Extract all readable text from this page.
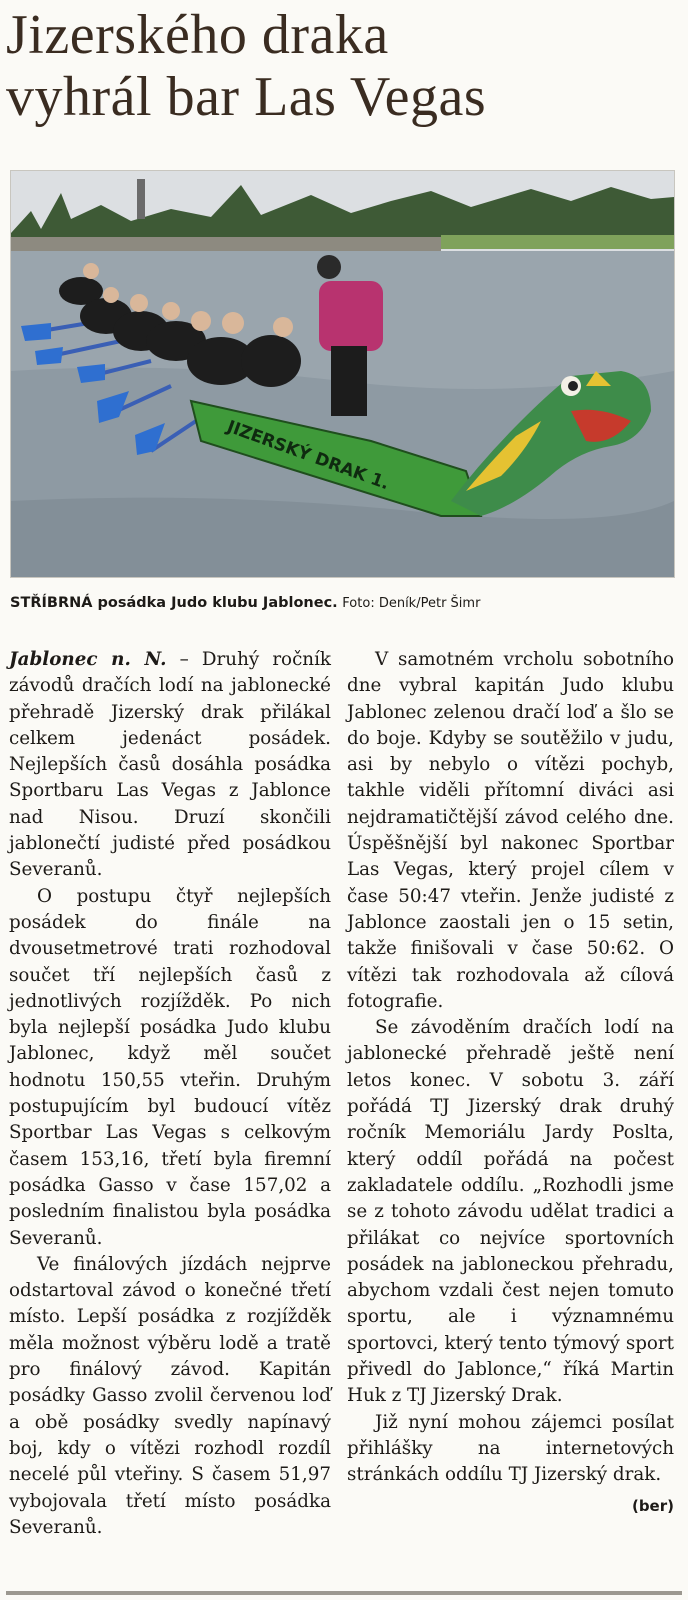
Jizerského draka
vyhrál bar Las Vegas
JIZERSKÝ DRAK 1.
STŘÍBRNÁ posádka Judo klubu Jablonec. Foto: Deník/Petr Šimr

Jablonec n. N. – Druhý ročník závodů dračích lodí na jablonecké přehradě Jizerský drak přilákal celkem jedenáct posádek. Nejlepších časů dosáhla posádka Sportbaru Las Vegas z Jablonce nad Nisou. Druzí skončili jablonečtí judisté před posádkou Severanů.

O postupu čtyř nejlepších posádek do finále na dvousetmetrové trati rozhodoval součet tří nejlepších časů z jednotlivých rozjížděk. Po nich byla nejlepší posádka Judo klubu Jablonec, když měl součet hodnotu 150,55 vteřin. Druhým postupujícím byl budoucí vítěz Sportbar Las Vegas s celkovým časem 153,16, třetí byla firemní posádka Gasso v čase 157,02 a posledním finalistou byla posádka Severanů.

Ve finálových jízdách nejprve odstartoval závod o konečné třetí místo. Lepší posádka z rozjížděk měla možnost výběru lodě a tratě pro finálový závod. Kapitán posádky Gasso zvolil červenou loď a obě posádky svedly napínavý boj, kdy o vítězi rozhodl rozdíl necelé půl vteřiny. S časem 51,97 vybojovala třetí místo posádka Severanů.

V samotném vrcholu sobotního dne vybral kapitán Judo klubu Jablonec zelenou dračí loď a šlo se do boje. Kdyby se soutěžilo v judu, asi by nebylo o vítězi pochyb, takhle viděli přítomní diváci asi nejdramatičtější závod celého dne. Úspěšnější byl nakonec Sportbar Las Vegas, který projel cílem v čase 50:47 vteřin. Jenže judisté z Jablonce zaostali jen o 15 setin, takže finišovali v čase 50:62. O vítězi tak rozhodovala až cílová fotografie.

Se závoděním dračích lodí na jablonecké přehradě ještě není letos konec. V sobotu 3. září pořádá TJ Jizerský drak druhý ročník Memoriálu Jardy Poslta, který oddíl pořádá na počest zakladatele oddílu. „Rozhodli jsme se z tohoto závodu udělat tradici a přilákat co nejvíce sportovních posádek na jabloneckou přehradu, abychom vzdali čest nejen tomuto sportu, ale i významnému sportovci, který tento týmový sport přivedl do Jablonce,“ říká Martin Huk z TJ Jizerský Drak.

Již nyní mohou zájemci posílat přihlášky na internetových stránkách oddílu TJ Jizerský drak.
(ber)
